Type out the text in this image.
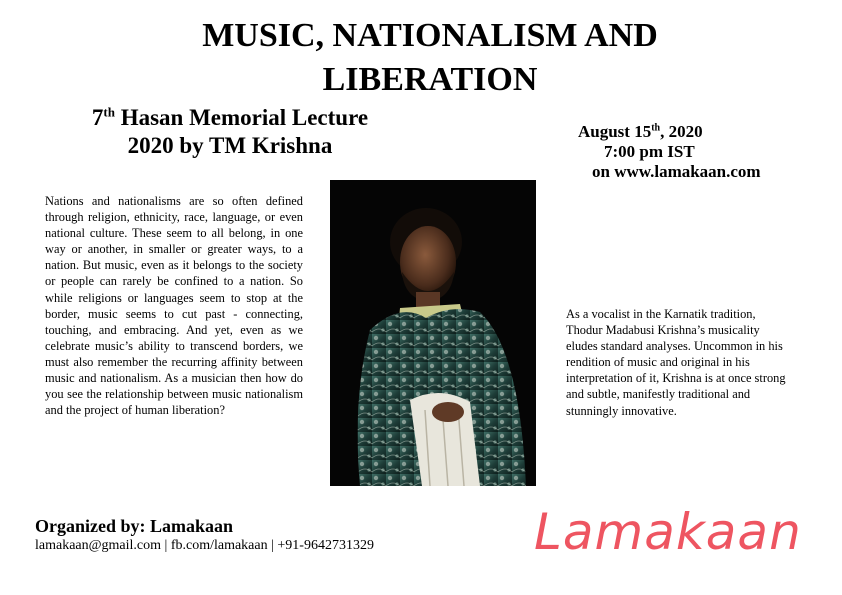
MUSIC, NATIONALISM AND LIBERATION
7th Hasan Memorial Lecture
2020 by TM Krishna
August 15th, 2020
7:00 pm IST
on www.lamakaan.com
Nations and nationalisms are so often defined through religion, ethnicity, race, language, or even national culture. These seem to all belong, in one way or another, in smaller or greater ways, to a nation. But music, even as it belongs to the society or people can rarely be confined to a nation. So while religions or languages seem to stop at the border, music seems to cut past - connecting, touching, and embracing. And yet, even as we celebrate music’s ability to transcend borders, we must also remember the recurring affinity between music and nationalism. As a musician then how do you see the relationship between music nationalism and the project of human liberation?
As a vocalist in the Karnatik tradition, Thodur Madabusi Krishna’s musicality eludes standard analyses. Uncommon in his rendition of music and original in his interpretation of it, Krishna is at once strong and subtle, manifestly traditional and stunningly innovative.
Organized by: Lamakaan
lamakaan@gmail.com | fb.com/lamakaan | +91-9642731329	Lamakaan
